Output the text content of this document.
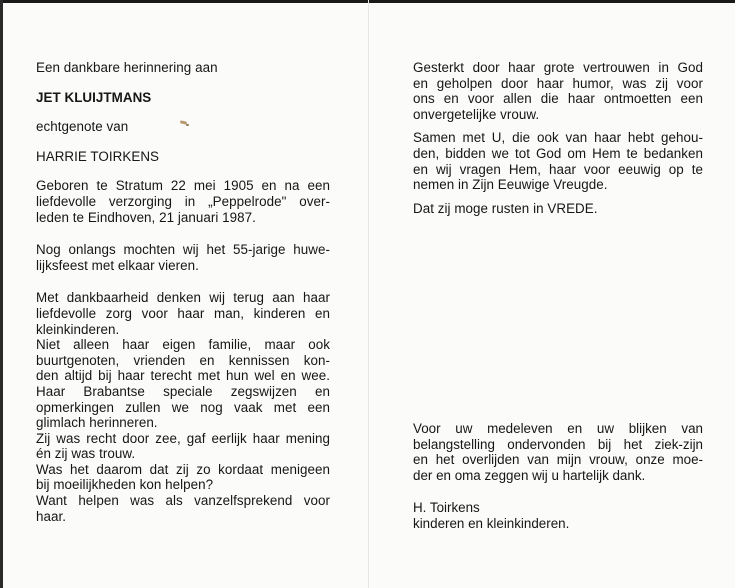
Een dankbare herinnering aan
JET KLUIJTMANS
echtgenote van
HARRIE TOIRKENS
Geboren te Stratum 22 mei 1905 en na een
liefdevolle verzorging in „Peppelrode" over-
leden te Eindhoven, 21 januari 1987.
Nog onlangs mochten wij het 55-jarige huwe-
lijksfeest met elkaar vieren.
Met dankbaarheid denken wij terug aan haar
liefdevolle zorg voor haar man, kinderen en
kleinkinderen.
Niet alleen haar eigen familie, maar ook
buurtgenoten, vrienden en kennissen kon-
den altijd bij haar terecht met hun wel en wee.
Haar Brabantse speciale zegswijzen en
opmerkingen zullen we nog vaak met een
glimlach herinneren.
Zij was recht door zee, gaf eerlijk haar mening
én zij was trouw.
Was het daarom dat zij zo kordaat menigeen
bij moeilijkheden kon helpen?
Want helpen was als vanzelfsprekend voor
haar.
Gesterkt door haar grote vertrouwen in God
en geholpen door haar humor, was zij voor
ons en voor allen die haar ontmoetten een
onvergetelijke vrouw.
Samen met U, die ook van haar hebt gehou-
den, bidden we tot God om Hem te bedanken
en wij vragen Hem, haar voor eeuwig op te
nemen in Zijn Eeuwige Vreugde.
Dat zij moge rusten in VREDE.
Voor uw medeleven en uw blijken van
belangstelling ondervonden bij het ziek-zijn
en het overlijden van mijn vrouw, onze moe-
der en oma zeggen wij u hartelijk dank.
H. Toirkens
kinderen en kleinkinderen.
